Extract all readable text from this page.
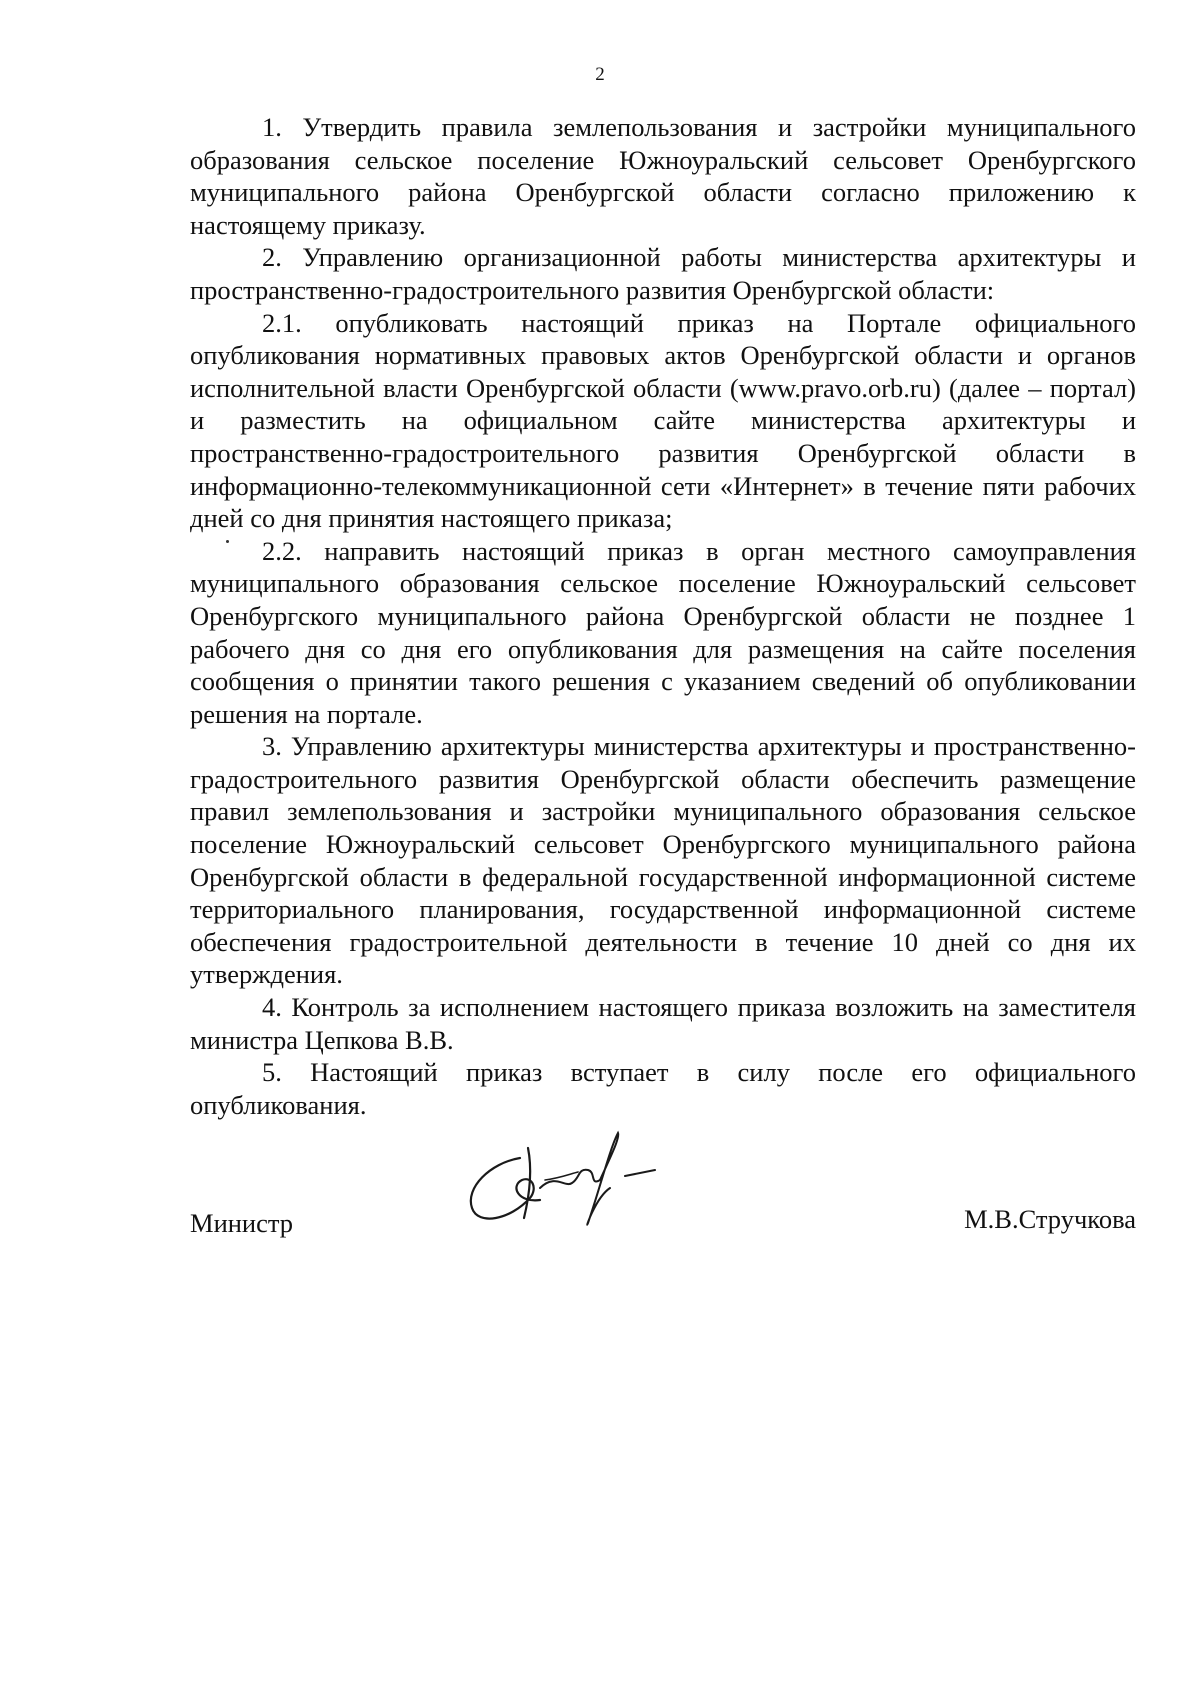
2

1. Утвердить правила землепользования и застройки муниципального образования сельское поселение Южноуральский сельсовет Оренбургского муниципального района Оренбургской области согласно приложению к настоящему приказу.

2. Управлению организационной работы министерства архитектуры и пространственно-градостроительного развития Оренбургской области:

2.1. опубликовать настоящий приказ на Портале официального опубликования нормативных правовых актов Оренбургской области и органов исполнительной власти Оренбургской области (www.pravo.orb.ru) (далее – портал) и разместить на официальном сайте министерства архитектуры и пространственно-градостроительного развития Оренбургской области в информационно-телекоммуникационной сети «Интернет» в течение пяти рабочих дней со дня принятия настоящего приказа;

2.2. направить настоящий приказ в орган местного самоуправления муниципального образования сельское поселение Южноуральский сельсовет Оренбургского муниципального района Оренбургской области не позднее 1 рабочего дня со дня его опубликования для размещения на сайте поселения сообщения о принятии такого решения с указанием сведений об опубликовании решения на портале.

3. Управлению архитектуры министерства архитектуры и пространственно-градостроительного развития Оренбургской области обеспечить размещение правил землепользования и застройки муниципального образования сельское поселение Южноуральский сельсовет Оренбургского муниципального района Оренбургской области в федеральной государственной информационной системе территориального планирования, государственной информационной системе обеспечения градостроительной деятельности в течение 10 дней со дня их утверждения.

4. Контроль за исполнением настоящего приказа возложить на заместителя министра Цепкова В.В.

5. Настоящий приказ вступает в силу после его официального опубликования.

Министр	М.В.Стручкова
